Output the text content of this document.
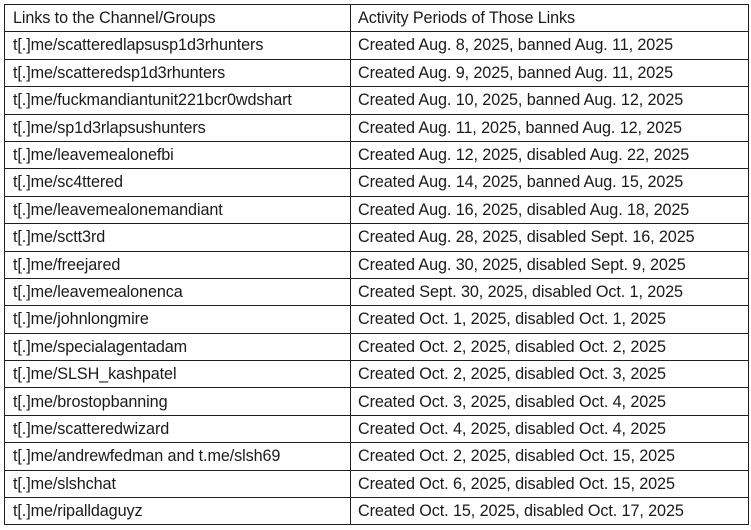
Links to the Channel/Groups	Activity Periods of Those Links
t[.]me/scatteredlapsusp1d3rhunters	Created Aug. 8, 2025, banned Aug. 11, 2025
t[.]me/scatteredsp1d3rhunters	Created Aug. 9, 2025, banned Aug. 11, 2025
t[.]me/fuckmandiantunit221bcr0wdshart	Created Aug. 10, 2025, banned Aug. 12, 2025
t[.]me/sp1d3rlapsushunters	Created Aug. 11, 2025, banned Aug. 12, 2025
t[.]me/leavemealonefbi	Created Aug. 12, 2025, disabled Aug. 22, 2025
t[.]me/sc4ttered	Created Aug. 14, 2025, banned Aug. 15, 2025
t[.]me/leavemealonemandiant	Created Aug. 16, 2025, disabled Aug. 18, 2025
t[.]me/sctt3rd	Created Aug. 28, 2025, disabled Sept. 16, 2025
t[.]me/freejared	Created Aug. 30, 2025, disabled Sept. 9, 2025
t[.]me/leavemealonenca	Created Sept. 30, 2025, disabled Oct. 1, 2025
t[.]me/johnlongmire	Created Oct. 1, 2025, disabled Oct. 1, 2025
t[.]me/specialagentadam	Created Oct. 2, 2025, disabled Oct. 2, 2025
t[.]me/SLSH_kashpatel	Created Oct. 2, 2025, disabled Oct. 3, 2025
t[.]me/brostopbanning	Created Oct. 3, 2025, disabled Oct. 4, 2025
t[.]me/scatteredwizard	Created Oct. 4, 2025, disabled Oct. 4, 2025
t[.]me/andrewfedman and t.me/slsh69	Created Oct. 2, 2025, disabled Oct. 15, 2025
t[.]me/slshchat	Created Oct. 6, 2025, disabled Oct. 15, 2025
t[.]me/ripalldaguyz	Created Oct. 15, 2025, disabled Oct. 17, 2025
